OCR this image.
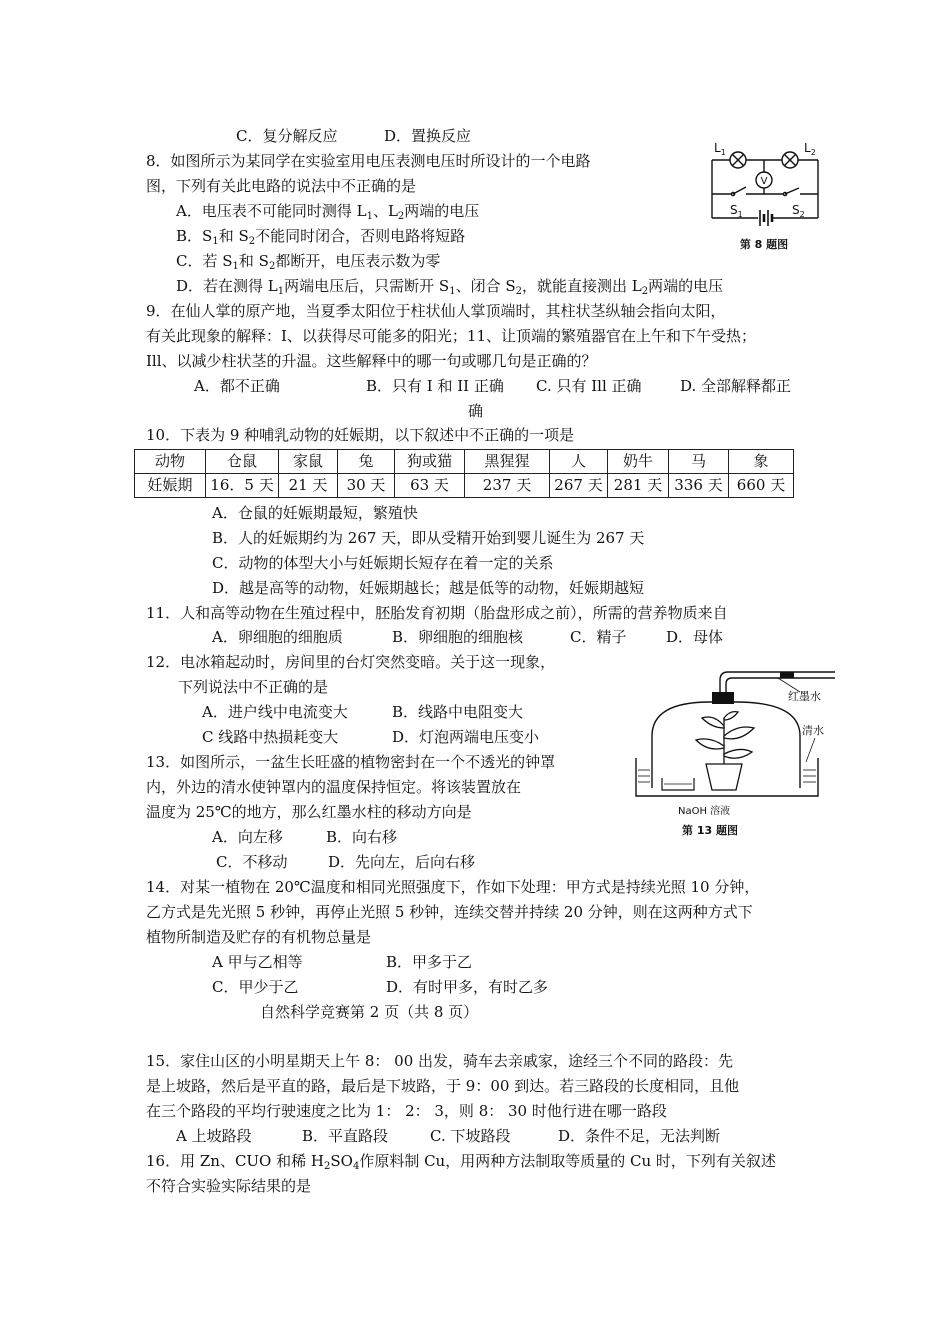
C．复分解反应	D．置换反应
8．如图所示为某同学在实验室用电压表测电压时所设计的一个电路
图，下列有关此电路的说法中不正确的是
A．电压表不可能同时测得 $L_1$、$L_2$两端的电压
B．$S_1$和 $S_2$不能同时闭合，否则电路将短路
C．若 $S_1$和 $S_2$都断开，电压表示数为零
D．若在测得 $L_1$两端电压后，只需断开 $S_1$、闭合 $S_2$，就能直接测出 $L_2$两端的电压
V
$L_1$	$L_2$
$S_1$	$S_2$
第 8 题图
9．在仙人掌的原产地，当夏季太阳位于柱状仙人掌顶端时，其柱状茎纵轴会指向太阳，
有关此现象的解释：I、以获得尽可能多的阳光；11、让顶端的繁殖器官在上午和下午受热；
Ill、以减少柱状茎的升温。这些解释中的哪一句或哪几句是正确的？
A．都不正确	B．只有 I 和 II 正确 C. 只有 Ill 正确	D. 全部解释都正
确
10．下表为 9 种哺乳动物的妊娠期，以下叙述中不正确的一项是
动物	仓鼠	家鼠	兔	狗或猫	黑猩猩	人	奶牛	马	象
妊娠期	16．5 天	21 天	30 天	63 天	237 天	267 天	281 天	336 天	660 天
A．仓鼠的妊娠期最短，繁殖快
B．人的妊娠期约为 267 天，即从受精开始到婴儿诞生为 267 天
C．动物的体型大小与妊娠期长短存在着一定的关系
D．越是高等的动物，妊娠期越长；越是低等的动物，妊娠期越短
11．人和高等动物在生殖过程中，胚胎发育初期（胎盘形成之前），所需的营养物质来自
A．卵细胞的细胞质	B．卵细胞的细胞核	C．精子	D．母体
12．电冰箱起动时，房间里的台灯突然变暗。关于这一现象，
下列说法中不正确的是
A．进户线中电流变大	B．线路中电阻变大
C 线路中热损耗变大	D．灯泡两端电压变小
13．如图所示，一盆生长旺盛的植物密封在一个不透光的钟罩
内，外边的清水使钟罩内的温度保持恒定。将该装置放在
温度为 25℃的地方，那么红墨水柱的移动方向是
A．向左移	B．向右移
C．不移动	D．先向左，后向右移
红墨水
清水
NaOH 溶液
第 13 题图
14．对某一植物在 20℃温度和相同光照强度下，作如下处理：甲方式是持续光照 10 分钟，
乙方式是先光照 5 秒钟，再停止光照 5 秒钟，连续交替并持续 20 分钟，则在这两种方式下
植物所制造及贮存的有机物总量是
A 甲与乙相等	B．甲多于乙
C．甲少于乙	D．有时甲多，有时乙多
自然科学竞赛第 2 页（共 8 页）
15．家住山区的小明星期天上午 8： 00 出发，骑车去亲戚家，途经三个不同的路段：先
是上坡路，然后是平直的路，最后是下坡路，于 9：00 到达。若三路段的长度相同，且他
在三个路段的平均行驶速度之比为 1： 2： 3，则 8： 30 时他行进在哪一路段
A 上坡路段	B．平直路段	C. 下坡路段	D．条件不足，无法判断
16．用 Zn、CUO 和稀 $H_2SO_4$作原料制 Cu，用两种方法制取等质量的 Cu 时，下列有关叙述
不符合实验实际结果的是
